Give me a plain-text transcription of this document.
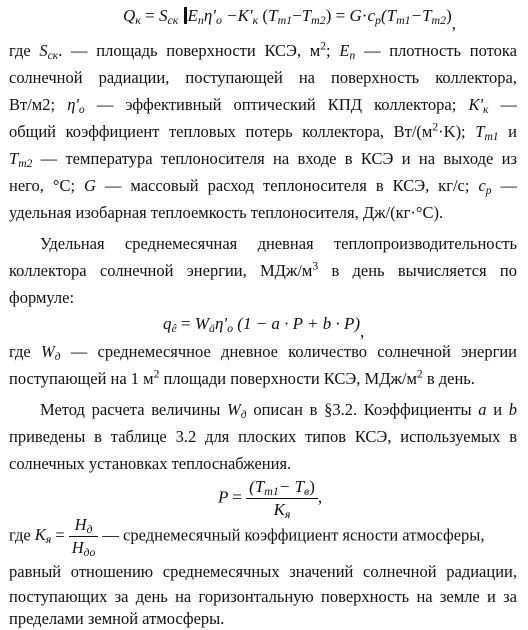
$Q_к = S_{ск}$ $E_п\eta'_о -K'_к$ $(T_{т1}-T_{т2}) = G\cdot c_p(T_{т1}-T_{т2})$,
где $S_{ск}$. — площадь поверхности КСЭ, $м^2$; $E_п$ — плотность потока
солнечной радиации, поступающей на поверхность коллектора,
Вт/м2; $\eta'_о$ — эффективный оптический КПД коллектора; $K'_к$ —
общий коэффициент тепловых потерь коллектора, $Вт/(м^2\cdot K)$; $T_{т1}$ и
$T_{т2}$ — температура теплоносителя на входе в КСЭ и на выходе из
него, °C; G — массовый расход теплоносителя в КСЭ, кг/с; $c_p$ —
удельная изобарная теплоемкость теплоносителя, Дж/(кг·°C).
Удельная среднемесячная дневная теплопроизводительность
коллектора солнечной энергии, МДж/$м^3$ в день вычисляется по
формуле:
$q_ê = W_ä\eta'_о$ (1 − a · P + b · P),
где $W_д$ — среднемесячное дневное количество солнечной энергии
поступающей на 1 $м^2$ площади поверхности КСЭ, МДж/$м^2$ в день.
Метод расчета величины $W_д$ описан в §3.2. Коэффициенты a и b
приведены в таблице 3.2 для плоских типов КСЭ, используемых в
солнечных установках теплоснабжения.
$P = \frac{(T_{т1}- T_в)}{K_я}$ ,
где $K_я = \frac{H_д}{H_{до}}$ — среднемесячный коэффициент ясности атмосферы,
равный отношению среднемесячных значений солнечной радиации,
поступающих за день на горизонтальную поверхность на земле и за
пределами земной атмосферы.
